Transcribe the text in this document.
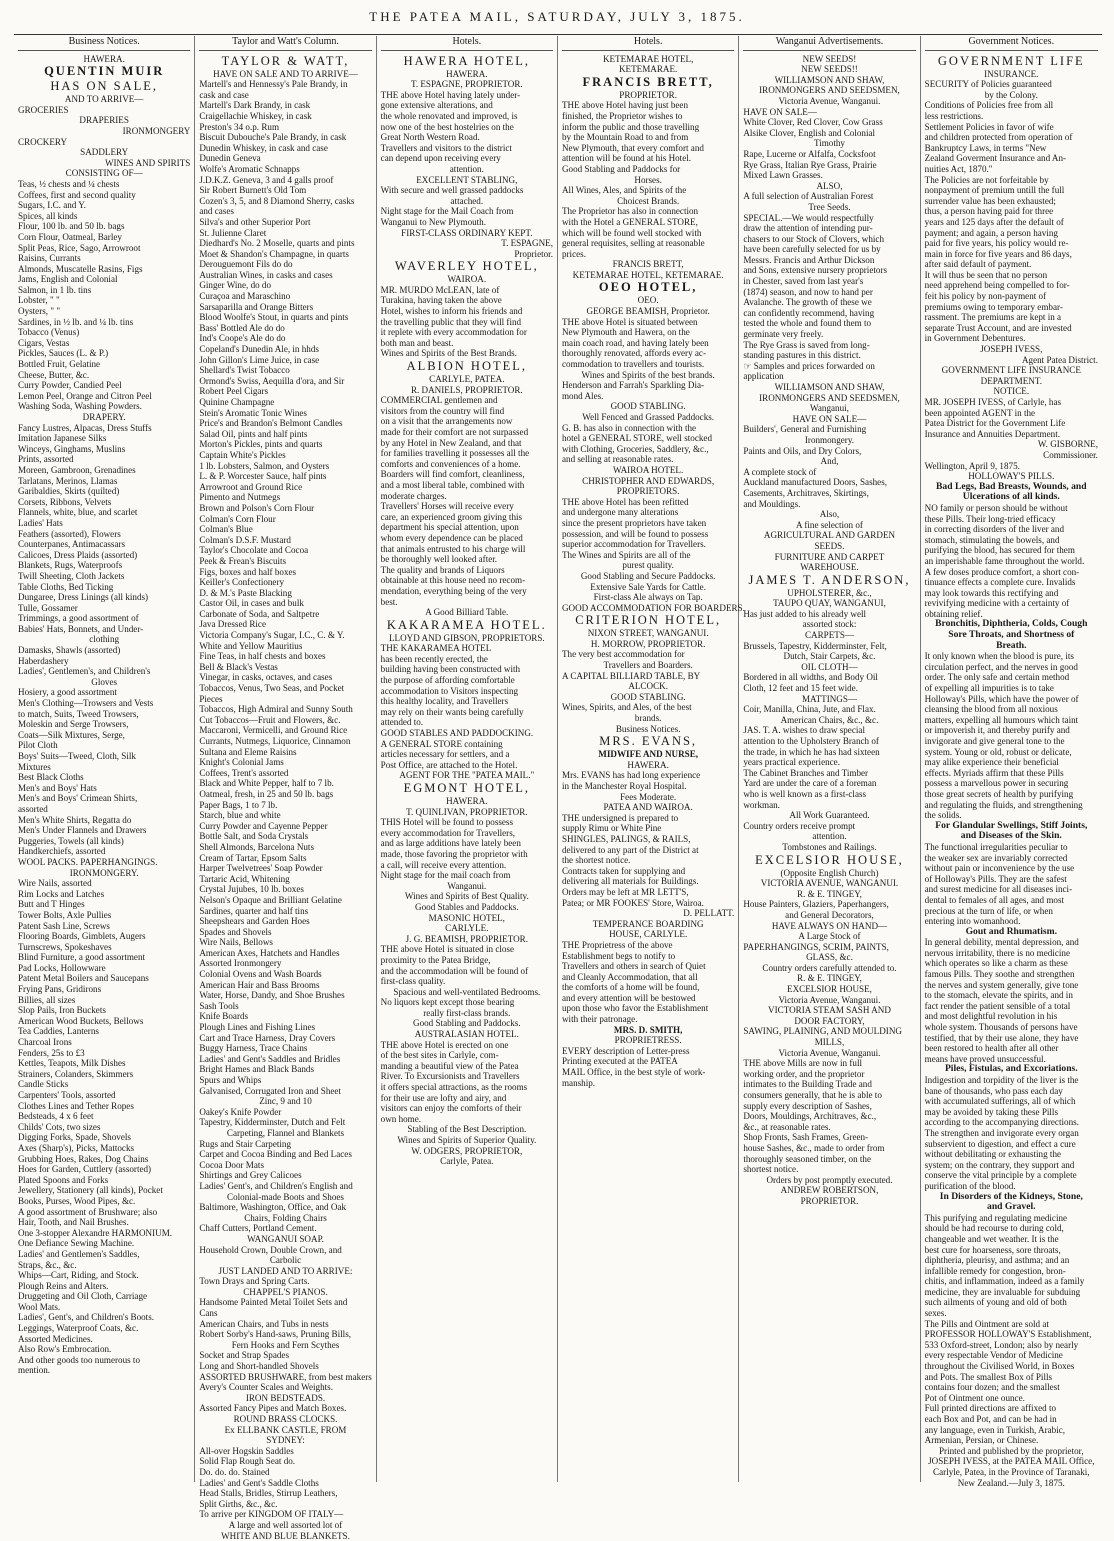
THE PATEA MAIL, SATURDAY, JULY 3, 1875.
Business Notices.
HAWERA.
QUENTIN MUIR
HAS ON SALE,
AND TO ARRIVE—
GROCERIES
DRAPERIES
IRONMONGERY
CROCKERY
SADDLERY
WINES AND SPIRITS
CONSISTING OF—
Teas, ½ chests and ¼ chests
Coffees, first and second quality
Sugars, I.C. and Y.
Spices, all kinds
Flour, 100 lb. and 50 lb. bags
Corn Flour, Oatmeal, Barley
Split Peas, Rice, Sago, Arrowroot
Raisins, Currants
Almonds, Muscatelle Rasins, Figs
Jams, English and Colonial
Salmon, in 1 lb. tins
Lobster, " "
Oysters, " "
Sardines, in ½ lb. and ¼ lb. tins
Tobacco (Venus)
Cigars, Vestas
Pickles, Sauces (L. & P.)
Bottled Fruit, Gelatine
Cheese, Butter, &c.
Curry Powder, Candied Peel
Lemon Peel, Orange and Citron Peel
Washing Soda, Washing Powders.
DRAPERY.
Fancy Lustres, Alpacas, Dress Stuffs
Imitation Japanese Silks
Winceys, Ginghams, Muslins
Prints, assorted
Moreen, Gambroon, Grenadines
Tarlatans, Merinos, Llamas
Garibaldies, Skirts (quilted)
Corsets, Ribbons, Velvets
Flannels, white, blue, and scarlet
Ladies' Hats
Feathers (assorted), Flowers
Counterpanes, Antimacassars
Calicoes, Dress Plaids (assorted)
Blankets, Rugs, Waterproofs
Twill Sheeting, Cloth Jackets
Table Cloths, Bed Ticking
Dungaree, Dress Linings (all kinds)
Tulle, Gossamer
Trimmings, a good assortment of
Babies' Hats, Bonnets, and Under-
clothing
Damasks, Shawls (assorted)
Haberdashery
Ladies', Gentlemen's, and Children's
Gloves
Hosiery, a good assortment
Men's Clothing—Trowsers and Vests
to match, Suits, Tweed Trowsers,
Moleskin and Serge Trowsers,
Coats—Silk Mixtures, Serge,
Pilot Cloth
Boys' Suits—Tweed, Cloth, Silk
Mixtures
Best Black Cloths
Men's and Boys' Hats
Men's and Boys' Crimean Shirts,
assorted
Men's White Shirts, Regatta do
Men's Under Flannels and Drawers
Puggeries, Towels (all kinds)
Handkerchiefs, assorted
WOOL PACKS. PAPERHANGINGS.
IRONMONGERY.
Wire Nails, assorted
Rim Locks and Latches
Butt and T Hinges
Tower Bolts, Axle Pullies
Patent Sash Line, Screws
Flooring Boards, Gimblets, Augers
Turnscrews, Spokeshaves
Blind Furniture, a good assortment
Pad Locks, Hollowware
Patent Metal Boilers and Saucepans
Frying Pans, Gridirons
Billies, all sizes
Slop Pails, Iron Buckets
American Wood Buckets, Bellows
Tea Caddies, Lanterns
Charcoal Irons
Fenders, 25s to £3
Kettles, Teapots, Milk Dishes
Strainers, Colanders, Skimmers
Candle Sticks
Carpenters' Tools, assorted
Clothes Lines and Tether Ropes
Bedsteads, 4 x 6 feet
Childs' Cots, two sizes
Digging Forks, Spade, Shovels
Axes (Sharp's), Picks, Mattocks
Grubbing Hoes, Rakes, Dog Chains
Hoes for Garden, Cuttlery (assorted)
Plated Spoons and Forks
Jewellery, Stationery (all kinds), Pocket
Books, Purses, Wood Pipes, &c.
A good assortment of Brushware; also
Hair, Tooth, and Nail Brushes.
One 3-stopper Alexandre HARMONIUM.
One Defiance Sewing Machine.
Ladies' and Gentlemen's Saddles,
Straps, &c., &c.
Whips—Cart, Riding, and Stock.
Plough Reins and Alters.
Druggeting and Oil Cloth, Carriage
Wool Mats.
Ladies', Gent's, and Children's Boots.
Leggings, Waterproof Coats, &c.
Assorted Medicines.
Also Row's Embrocation.
And other goods too numerous to
mention.
Taylor and Watt's Column.
TAYLOR & WATT,
HAVE ON SALE AND TO ARRIVE—
Martell's and Hennessy's Pale Brandy, in
cask and case
Martell's Dark Brandy, in cask
Craigellachie Whiskey, in cask
Preston's 34 o.p. Rum
Biscuit Dubouche's Pale Brandy, in cask
Dunedin Whiskey, in cask and case
Dunedin Geneva
Wolfe's Aromatic Schnapps
J.D.K.Z. Geneva, 3 and 4 galls proof
Sir Robert Burnett's Old Tom
Cozen's 3, 5, and 8 Diamond Sherry, casks
and cases
Silva's and other Superior Port
St. Julienne Claret
Diedhard's No. 2 Moselle, quarts and pints
Moet & Shandon's Champagne, in quarts
Derouguemont Fils do do
Australian Wines, in casks and cases
Ginger Wine, do do
Curaçoa and Maraschino
Sarsaparilla and Orange Bitters
Blood Woolfe's Stout, in quarts and pints
Bass' Bottled Ale do do
Ind's Coope's Ale do do
Copeland's Dunedin Ale, in hhds
John Gillon's Lime Juice, in case
Shellard's Twist Tobacco
Ormond's Swiss, Aequilla d'ora, and Sir
Robert Peel Cigars
Quinine Champagne
Stein's Aromatic Tonic Wines
Price's and Brandon's Belmont Candles
Salad Oil, pints and half pints
Morton's Pickles, pints and quarts
Captain White's Pickles
1 lb. Lobsters, Salmon, and Oysters
L. & P. Worcester Sauce, half pints
Arrowroot and Ground Rice
Pimento and Nutmegs
Brown and Polson's Corn Flour
Colman's Corn Flour
Colman's Blue
Colman's D.S.F. Mustard
Taylor's Chocolate and Cocoa
Peek & Frean's Biscuits
Figs, boxes and half boxes
Keiller's Confectionery
D. & M.'s Paste Blacking
Castor Oil, in cases and bulk
Carbonate of Soda, and Saltpetre
Java Dressed Rice
Victoria Company's Sugar, I.C., C. & Y.
White and Yellow Mauritius
Fine Teas, in half chests and boxes
Bell & Black's Vestas
Vinegar, in casks, octaves, and cases
Tobaccos, Venus, Two Seas, and Pocket
Pieces
Tobaccos, High Admiral and Sunny South
Cut Tobaccos—Fruit and Flowers, &c.
Maccaroni, Vermicelli, and Ground Rice
Currants, Nutmegs, Liquorice, Cinnamon
Sultana and Eleme Raisins
Knight's Colonial Jams
Coffees, Trent's assorted
Black and White Pepper, half to 7 lb.
Oatmeal, fresh, in 25 and 50 lb. bags
Paper Bags, 1 to 7 lb.
Starch, blue and white
Curry Powder and Cayenne Pepper
Bottle Salt, and Soda Crystals
Shell Almonds, Barcelona Nuts
Cream of Tartar, Epsom Salts
Harper Twelvetrees' Soap Powder
Tartaric Acid, Whitening
Crystal Jujubes, 10 lb. boxes
Nelson's Opaque and Brilliant Gelatine
Sardines, quarter and half tins
Sheepshears and Garden Hoes
Spades and Shovels
Wire Nails, Bellows
American Axes, Hatchets and Handles
Assorted Ironmongery
Colonial Ovens and Wash Boards
American Hair and Bass Brooms
Water, Horse, Dandy, and Shoe Brushes
Sash Tools
Knife Boards
Plough Lines and Fishing Lines
Cart and Trace Harness, Dray Covers
Buggy Harness, Trace Chains
Ladies' and Gent's Saddles and Bridles
Bright Hames and Black Bands
Spurs and Whips
Galvanised, Corrugated Iron and Sheet
Zinc, 9 and 10
Oakey's Knife Powder
Tapestry, Kidderminster, Dutch and Felt
Carpeting, Flannel and Blankets
Rugs and Stair Carpeting
Carpet and Cocoa Binding and Bed Laces
Cocoa Door Mats
Shirtings and Grey Calicoes
Ladies' Gent's, and Children's English and
Colonial-made Boots and Shoes
Baltimore, Washington, Office, and Oak
Chairs, Folding Chairs
Chaff Cutters, Portland Cement.
WANGANUI SOAP.
Household Crown, Double Crown, and
Carbolic
JUST LANDED AND TO ARRIVE:
Town Drays and Spring Carts.
CHAPPEL'S PIANOS.
Handsome Painted Metal Toilet Sets and
Cans
American Chairs, and Tubs in nests
Robert Sorby's Hand-saws, Pruning Bills,
Fern Hooks and Fern Scythes
Socket and Strap Spades
Long and Short-handled Shovels
ASSORTED BRUSHWARE, from best makers
Avery's Counter Scales and Weights.
IRON BEDSTEADS.
Assorted Fancy Pipes and Match Boxes.
ROUND BRASS CLOCKS.
Ex ELLBANK CASTLE, FROM
SYDNEY:
All-over Hogskin Saddles
Solid Flap Rough Seat do.
Do. do. do. Stained
Ladies' and Gent's Saddle Cloths
Head Stalls, Bridles, Stirrup Leathers,
Split Girths, &c., &c.
To arrive per KINGDOM OF ITALY—
A large and well assorted lot of
WHITE AND BLUE BLANKETS.
Hotels.
HAWERA HOTEL,
HAWERA.
T. ESPAGNE, PROPRIETOR.
THE above Hotel having lately under-
gone extensive alterations, and
the whole renovated and improved, is
now one of the best hostelries on the
Great North Western Road.
Travellers and visitors to the district
can depend upon receiving every
attention.
EXCELLENT STABLING,
With secure and well grassed paddocks
attached.
Night stage for the Mail Coach from
Wanganui to New Plymouth.
FIRST-CLASS ORDINARY KEPT.
T. ESPAGNE,
Proprietor.
WAVERLEY HOTEL,
WAIROA.
MR. MURDO McLEAN, late of
Turakina, having taken the above
Hotel, wishes to inform his friends and
the travelling public that they will find
it replete with every accommodation for
both man and beast.
Wines and Spirits of the Best Brands.
ALBION HOTEL,
CARLYLE, PATEA.
R. DANIELS, PROPRIETOR.
COMMERCIAL gentlemen and
visitors from the country will find
on a visit that the arrangements now
made for their comfort are not surpassed
by any Hotel in New Zealand, and that
for families travelling it possesses all the
comforts and conveniences of a home.
Boarders will find comfort, cleanliness,
and a most liberal table, combined with
moderate charges.
Travellers' Horses will receive every
care, an experienced groom giving this
department his special attention, upon
whom every dependence can be placed
that animals entrusted to his charge will
be thoroughly well looked after.
The quality and brands of Liquors
obtainable at this house need no recom-
mendation, everything being of the very
best.
A Good Billiard Table.
KAKARAMEA HOTEL.
LLOYD AND GIBSON, PROPRIETORS.
THE KAKARAMEA HOTEL
has been recently erected, the
building having been constructed with
the purpose of affording comfortable
accommodation to Visitors inspecting
this healthy locality, and Travellers
may rely on their wants being carefully
attended to.
GOOD STABLES AND PADDOCKING.
A GENERAL STORE containing
articles necessary for settlers, and a
Post Office, are attached to the Hotel.
AGENT FOR THE "PATEA MAIL."
EGMONT HOTEL,
HAWERA.
T. QUINLIVAN, PROPRIETOR.
THIS Hotel will be found to possess
every accommodation for Travellers,
and as large additions have lately been
made, those favoring the proprietor with
a call, will receive every attention.
Night stage for the mail coach from
Wanganui.
Wines and Spirits of Best Quality.
Good Stables and Paddocks.
MASONIC HOTEL,
CARLYLE.
J. G. BEAMISH, PROPRIETOR.
THE above Hotel is situated in close
proximity to the Patea Bridge,
and the accommodation will be found of
first-class quality.
Spacious and well-ventilated Bedrooms.
No liquors kept except those bearing
really first-class brands.
Good Stabling and Paddocks.
AUSTRALASIAN HOTEL.
THE above Hotel is erected on one
of the best sites in Carlyle, com-
manding a beautiful view of the Patea
River. To Excursionists and Travellers
it offers special attractions, as the rooms
for their use are lofty and airy, and
visitors can enjoy the comforts of their
own home.
Stabling of the Best Description.
Wines and Spirits of Superior Quality.
W. ODGERS, PROPRIETOR,
Carlyle, Patea.
Hotels.
KETEMARAE HOTEL,
KETEMARAE.
FRANCIS BRETT,
PROPRIETOR.
THE above Hotel having just been
finished, the Proprietor wishes to
inform the public and those travelling
by the Mountain Road to and from
New Plymouth, that every comfort and
attention will be found at his Hotel.
Good Stabling and Paddocks for
Horses.
All Wines, Ales, and Spirits of the
Choicest Brands.
The Proprietor has also in connection
with the Hotel a GENERAL STORE,
which will be found well stocked with
general requisites, selling at reasonable
prices.
FRANCIS BRETT,
KETEMARAE HOTEL, KETEMARAE.
OEO HOTEL,
OEO.
GEORGE BEAMISH, Proprietor.
THE above Hotel is situated between
New Plymouth and Hawera, on the
main coach road, and having lately been
thoroughly renovated, affords every ac-
commodation to travellers and tourists.
Wines and Spirits of the best brands.
Henderson and Farrah's Sparkling Dia-
mond Ales.
GOOD STABLING.
Well Fenced and Grassed Paddocks.
G. B. has also in connection with the
hotel a GENERAL STORE, well stocked
with Clothing, Groceries, Saddlery, &c.,
and selling at reasonable rates.
WAIROA HOTEL.
CHRISTOPHER AND EDWARDS,
PROPRIETORS.
THE above Hotel has been refitted
and undergone many alterations
since the present proprietors have taken
possession, and will be found to possess
superior accommodation for Travellers.
The Wines and Spirits are all of the
purest quality.
Good Stabling and Secure Paddocks.
Extensive Sale Yards for Cattle.
First-class Ale always on Tap.
GOOD ACCOMMODATION FOR BOARDERS.
CRITERION HOTEL,
NIXON STREET, WANGANUI.
H. MORROW, PROPRIETOR.
The very best accommodation for
Travellers and Boarders.
A CAPITAL BILLIARD TABLE, BY
ALCOCK.
GOOD STABLING.
Wines, Spirits, and Ales, of the best
brands.
Business Notices.
MRS. EVANS,
MIDWIFE AND NURSE,
HAWERA.
Mrs. EVANS has had long experience
in the Manchester Royal Hospital.
Fees Moderate.
PATEA AND WAIROA.
THE undersigned is prepared to
supply Rimu or White Pine
SHINGLES, PALINGS, & RAILS,
delivered to any part of the District at
the shortest notice.
Contracts taken for supplying and
delivering all materials for Buildings.
Orders may be left at MR LETT'S,
Patea; or MR FOOKES' Store, Wairoa.
D. PELLATT.
TEMPERANCE BOARDING
HOUSE, CARLYLE.
THE Proprietress of the above
Establishment begs to notify to
Travellers and others in search of Quiet
and Cleanly Accommodation, that all
the comforts of a home will be found,
and every attention will be bestowed
upon those who favor the Establishment
with their patronage.
MRS. D. SMITH,
PROPRIETRESS.
EVERY description of Letter-press
Printing executed at the PATEA
MAIL Office, in the best style of work-
manship.
Wanganui Advertisements.
NEW SEEDS!
NEW SEEDS!!
WILLIAMSON AND SHAW,
IRONMONGERS AND SEEDSMEN,
Victoria Avenue, Wanganui.
HAVE ON SALE—
White Clover, Red Clover, Cow Grass
Alsike Clover, English and Colonial
Timothy
Rape, Lucerne or Alfalfa, Cocksfoot
Rye Grass, Italian Rye Grass, Prairie
Mixed Lawn Grasses.
ALSO,
A full selection of Australian Forest
Tree Seeds.
SPECIAL.—We would respectfully
draw the attention of intending pur-
chasers to our Stock of Clovers, which
have been carefully selected for us by
Messrs. Francis and Arthur Dickson
and Sons, extensive nursery proprietors
in Chester, saved from last year's
(1874) season, and now to hand per
Avalanche. The growth of these we
can confidently recommend, having
tested the whole and found them to
germinate very freely.
The Rye Grass is saved from long-
standing pastures in this district.
☞ Samples and prices forwarded on
application
WILLIAMSON AND SHAW,
IRONMONGERS AND SEEDSMEN,
Wanganui,
HAVE ON SALE—
Builders', General and Furnishing
Ironmongery.
Paints and Oils, and Dry Colors,
And,
A complete stock of
Auckland manufactured Doors, Sashes,
Casements, Architraves, Skirtings,
and Mouldings.
Also,
A fine selection of
AGRICULTURAL AND GARDEN
SEEDS.
FURNITURE AND CARPET
WAREHOUSE.
JAMES T. ANDERSON,
UPHOLSTERER, &c.,
TAUPO QUAY, WANGANUI,
Has just added to his already well
assorted stock:
CARPETS—
Brussels, Tapestry, Kidderminster, Felt,
Dutch, Stair Carpets, &c.
OIL CLOTH—
Bordered in all widths, and Body Oil
Cloth, 12 feet and 15 feet wide.
MATTINGS—
Coir, Manilla, China, Jute, and Flax.
American Chairs, &c., &c.
JAS. T. A. wishes to draw special
attention to the Upholstery Branch of
the trade, in which he has had sixteen
years practical experience.
The Cabinet Branches and Timber
Yard are under the care of a foreman
who is well known as a first-class
workman.
All Work Guaranteed.
Country orders receive prompt
attention.
Tombstones and Railings.
EXCELSIOR HOUSE,
(Opposite English Church)
VICTORIA AVENUE, WANGANUI.
R. & E. TINGEY,
House Painters, Glaziers, Paperhangers,
and General Decorators,
HAVE ALWAYS ON HAND—
A Large Stock of
PAPERHANGINGS, SCRIM, PAINTS,
GLASS, &c.
Country orders carefully attended to.
R. & E. TINGEY,
EXCELSIOR HOUSE,
Victoria Avenue, Wanganui.
VICTORIA STEAM SASH AND
DOOR FACTORY,
SAWING, PLAINING, AND MOULDING
MILLS,
Victoria Avenue, Wanganui.
THE above Mills are now in full
working order, and the proprietor
intimates to the Building Trade and
consumers generally, that he is able to
supply every description of Sashes,
Doors, Mouldings, Architraves, &c.,
&c., at reasonable rates.
Shop Fronts, Sash Frames, Green-
house Sashes, &c., made to order from
thoroughly seasoned timber, on the
shortest notice.
Orders by post promptly executed.
ANDREW ROBERTSON,
PROPRIETOR.
Government Notices.
GOVERNMENT LIFE
INSURANCE.
SECURITY of Policies guaranteed
by the Colony.
Conditions of Policies free from all
less restrictions.
Settlement Policies in favor of wife
and children protected from operation of
Bankruptcy Laws, in terms "New
Zealand Goverment Insurance and An-
nuities Act, 1870."
The Policies are not forfeitable by
nonpayment of premium untill the full
surrender value has been exhausted;
thus, a person having paid for three
years and 125 days after the default of
payment; and again, a person having
paid for five years, his policy would re-
main in force for five years and 86 days,
after said default of payment.
It will thus be seen that no person
need apprehend being compelled to for-
feit his policy by non-payment of
premiums owing to temporary embar-
rassment. The premiums are kept in a
separate Trust Account, and are invested
in Government Debentures.
JOSEPH IVESS,
Agent Patea District.
GOVERNMENT LIFE INSURANCE
DEPARTMENT.
NOTICE.
MR. JOSEPH IVESS, of Carlyle, has
been appointed AGENT in the
Patea District for the Government Life
Insurance and Annuities Department.
W. GISBORNE,
Commissioner.
Wellington, April 9, 1875.
HOLLOWAY'S PILLS.
Bad Legs, Bad Breasts, Wounds, and
Ulcerations of all kinds.
NO family or person should be without
these Pills. Their long-tried efficacy
in correcting disorders of the liver and
stomach, stimulating the bowels, and
purifying the blood, has secured for them
an imperishable fame throughout the world.
A few doses produce comfort, a short con-
tinuance effects a complete cure. Invalids
may look towards this rectifying and
revivifying medicine with a certainty of
obtaining relief.
Bronchitis, Diphtheria, Colds, Cough
Sore Throats, and Shortness of
Breath.
It only known when the blood is pure, its
circulation perfect, and the nerves in good
order. The only safe and certain method
of expelling all impurities is to take
Holloway's Pills, which have the power of
cleansing the blood from all noxious
matters, expelling all humours which taint
or impoverish it, and thereby purify and
invigorate and give general tone to the
system. Young or old, robust or delicate,
may alike experience their beneficial
effects. Myriads affirm that these Pills
possess a marvellous power in securing
those great secrets of health by purifying
and regulating the fluids, and strengthening
the solids.
For Glandular Swellings, Stiff Joints,
and Diseases of the Skin.
The functional irregularities peculiar to
the weaker sex are invariably corrected
without pain or inconvenience by the use
of Holloway's Pills. They are the safest
and surest medicine for all diseases inci-
dental to females of all ages, and most
precious at the turn of life, or when
entering into womanhood.
Gout and Rhumatism.
In general debility, mental depression, and
nervous irritability, there is no medicine
which operates so like a charm as these
famous Pills. They soothe and strengthen
the nerves and system generally, give tone
to the stomach, elevate the spirits, and in
fact render the patient sensible of a total
and most delightful revolution in his
whole system. Thousands of persons have
testified, that by their use alone, they have
been restored to health after all other
means have proved unsuccessful.
Piles, Fistulas, and Excoriations.
Indigestion and torpidity of the liver is the
bane of thousands, who pass each day
with accumulated sufferings, all of which
may be avoided by taking these Pills
according to the accompanying directions.
The strengthen and invigorate every organ
subservient to digestion, and effect a cure
without debilitating or exhausting the
system; on the contrary, they support and
conserve the vital principle by a complete
purification of the blood.
In Disorders of the Kidneys, Stone,
and Gravel.
This purifying and regulating medicine
should be had recourse to during cold,
changeable and wet weather. It is the
best cure for hoarseness, sore throats,
diphtheria, pleurisy, and asthma; and an
infallible remedy for congestion, bron-
chitis, and inflammation, indeed as a family
medicine, they are invaluable for subduing
such ailments of young and old of both
sexes.
The Pills and Ointment are sold at
PROFESSOR HOLLOWAY'S Establishment,
533 Oxford-street, London; also by nearly
every respectable Vendor of Medicine
throughout the Civilised World, in Boxes
and Pots. The smallest Box of Pills
contains four dozen; and the smallest
Pot of Ointment one ounce.
Full printed directions are affixed to
each Box and Pot, and can be had in
any language, even in Turkish, Arabic,
Armenian, Persian, or Chinese.
Printed and published by the proprietor,
JOSEPH IVESS, at the PATEA MAIL Office,
Carlyle, Patea, in the Province of Taranaki,
New Zealand.—July 3, 1875.
